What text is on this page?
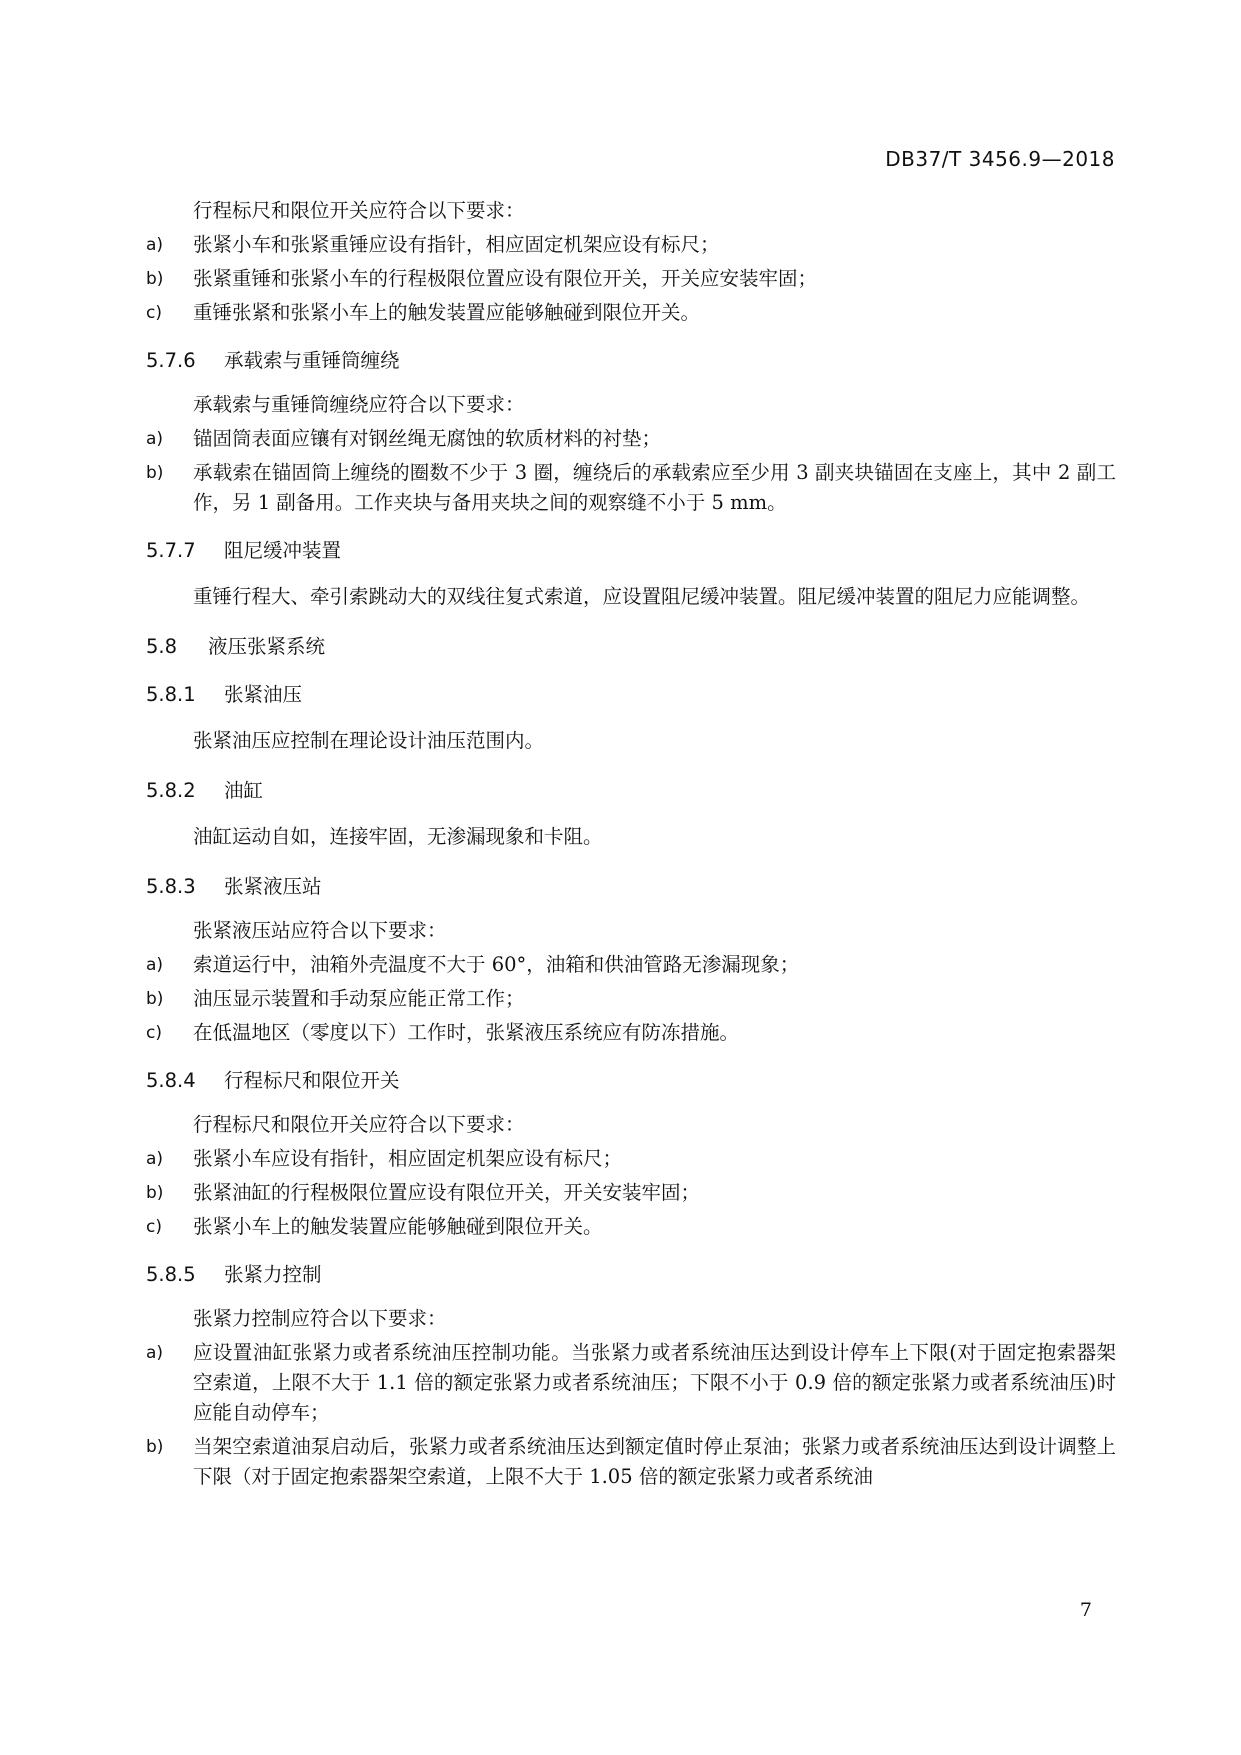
DB37/T 3456.9—2018

行程标尺和限位开关应符合以下要求：

a)	张紧小车和张紧重锤应设有指针，相应固定机架应设有标尺；
b)	张紧重锤和张紧小车的行程极限位置应设有限位开关，开关应安装牢固；
c)	重锤张紧和张紧小车上的触发装置应能够触碰到限位开关。
5.7.6	承载索与重锤筒缠绕

承载索与重锤筒缠绕应符合以下要求：

a)	锚固筒表面应镶有对钢丝绳无腐蚀的软质材料的衬垫；
b)	承载索在锚固筒上缠绕的圈数不少于 3 圈，缠绕后的承载索应至少用 3 副夹块锚固在支座上，其中 2 副工作，另 1 副备用。工作夹块与备用夹块之间的观察缝不小于 5 mm。
5.7.7	阻尼缓冲装置

重锤行程大、牵引索跳动大的双线往复式索道，应设置阻尼缓冲装置。阻尼缓冲装置的阻尼力应能调整。

5.8	液压张紧系统
5.8.1	张紧油压

张紧油压应控制在理论设计油压范围内。

5.8.2	油缸

油缸运动自如，连接牢固，无渗漏现象和卡阻。

5.8.3	张紧液压站

张紧液压站应符合以下要求：

a)	索道运行中，油箱外壳温度不大于 60°，油箱和供油管路无渗漏现象；
b)	油压显示装置和手动泵应能正常工作；
c)	在低温地区（零度以下）工作时，张紧液压系统应有防冻措施。
5.8.4	行程标尺和限位开关

行程标尺和限位开关应符合以下要求：

a)	张紧小车应设有指针，相应固定机架应设有标尺；
b)	张紧油缸的行程极限位置应设有限位开关，开关安装牢固；
c)	张紧小车上的触发装置应能够触碰到限位开关。
5.8.5	张紧力控制

张紧力控制应符合以下要求：

a)	应设置油缸张紧力或者系统油压控制功能。当张紧力或者系统油压达到设计停车上下限(对于固定抱索器架空索道，上限不大于 1.1 倍的额定张紧力或者系统油压；下限不小于 0.9 倍的额定张紧力或者系统油压)时应能自动停车；
b)	当架空索道油泵启动后，张紧力或者系统油压达到额定值时停止泵油；张紧力或者系统油压达到设计调整上下限（对于固定抱索器架空索道，上限不大于 1.05 倍的额定张紧力或者系统油
7
